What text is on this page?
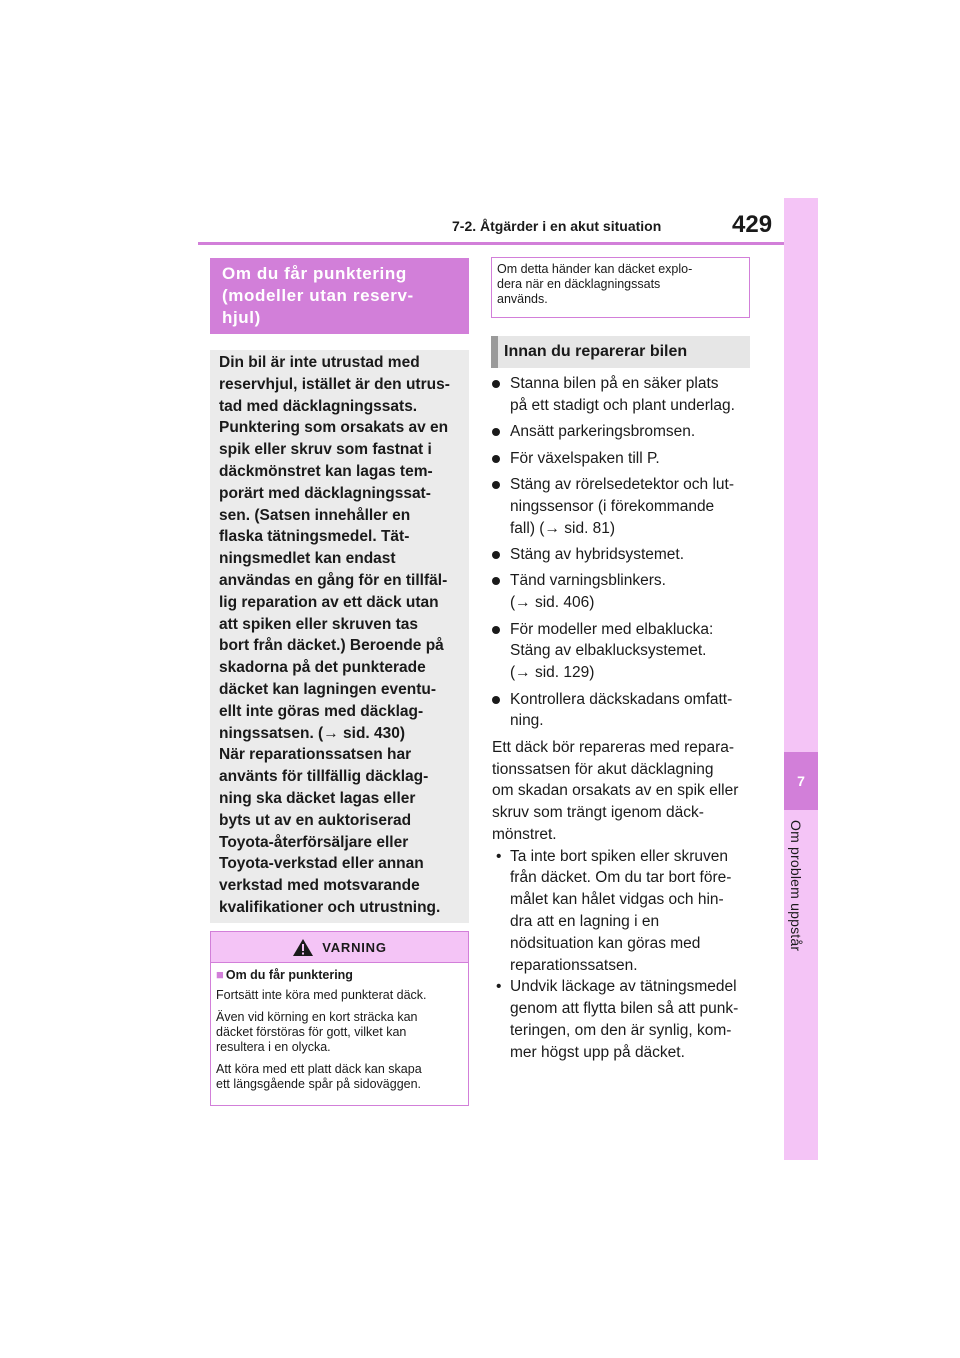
7-2. Åtgärder i en akut situation	429
7
Om problem uppstår
Om du får punktering
(modeller utan reserv-
hjul)

Din bil är inte utrustad med

reservhjul, istället är den utrus-

tad med däcklagningssats.

Punktering som orsakats av en

spik eller skruv som fastnat i

däckmönstret kan lagas tem-

porärt med däcklagningssat-

sen. (Satsen innehåller en

flaska tätningsmedel. Tät-

ningsmedlet kan endast

användas en gång för en tillfäl-

lig reparation av ett däck utan

att spiken eller skruven tas

bort från däcket.) Beroende på

skadorna på det punkterade

däcket kan lagningen eventu-

ellt inte göras med däcklag-

ningssatsen. (→ sid. 430)

När reparationssatsen har

använts för tillfällig däcklag-

ning ska däcket lagas eller

byts ut av en auktoriserad

Toyota-återförsäljare eller

Toyota-verkstad eller annan

verkstad med motsvarande

kvalifikationer och utrustning.

VARNING
■ Om du får punktering

Fortsätt inte köra med punkterat däck.

Även vid körning en kort sträcka kan
däcket förstöras för gott, vilket kan
resultera i en olycka.

Att köra med ett platt däck kan skapa
ett längsgående spår på sidoväggen.

Om detta händer kan däcket explo-
dera när en däcklagningssats
används.
Innan du reparerar bilen
Stanna bilen på en säker plats
på ett stadigt och plant underlag.
Ansätt parkeringsbromsen.
För växelspaken till P.
Stäng av rörelsedetektor och lut-
ningssensor (i förekommande
fall) (→ sid. 81)
Stäng av hybridsystemet.
Tänd varningsblinkers.
(→ sid. 406)
För modeller med elbaklucka:
Stäng av elbaklucksystemet.
(→ sid. 129)
Kontrollera däckskadans omfatt-
ning.
Ett däck bör repareras med repara-
tionssatsen för akut däcklagning
om skadan orsakats av en spik eller
skruv som trängt igenom däck-
mönstret.
• Ta inte bort spiken eller skruven
från däcket. Om du tar bort före-
målet kan hålet vidgas och hin-
dra att en lagning i en
nödsituation kan göras med
reparationssatsen.
• Undvik läckage av tätningsmedel
genom att flytta bilen så att punk-
teringen, om den är synlig, kom-
mer högst upp på däcket.
